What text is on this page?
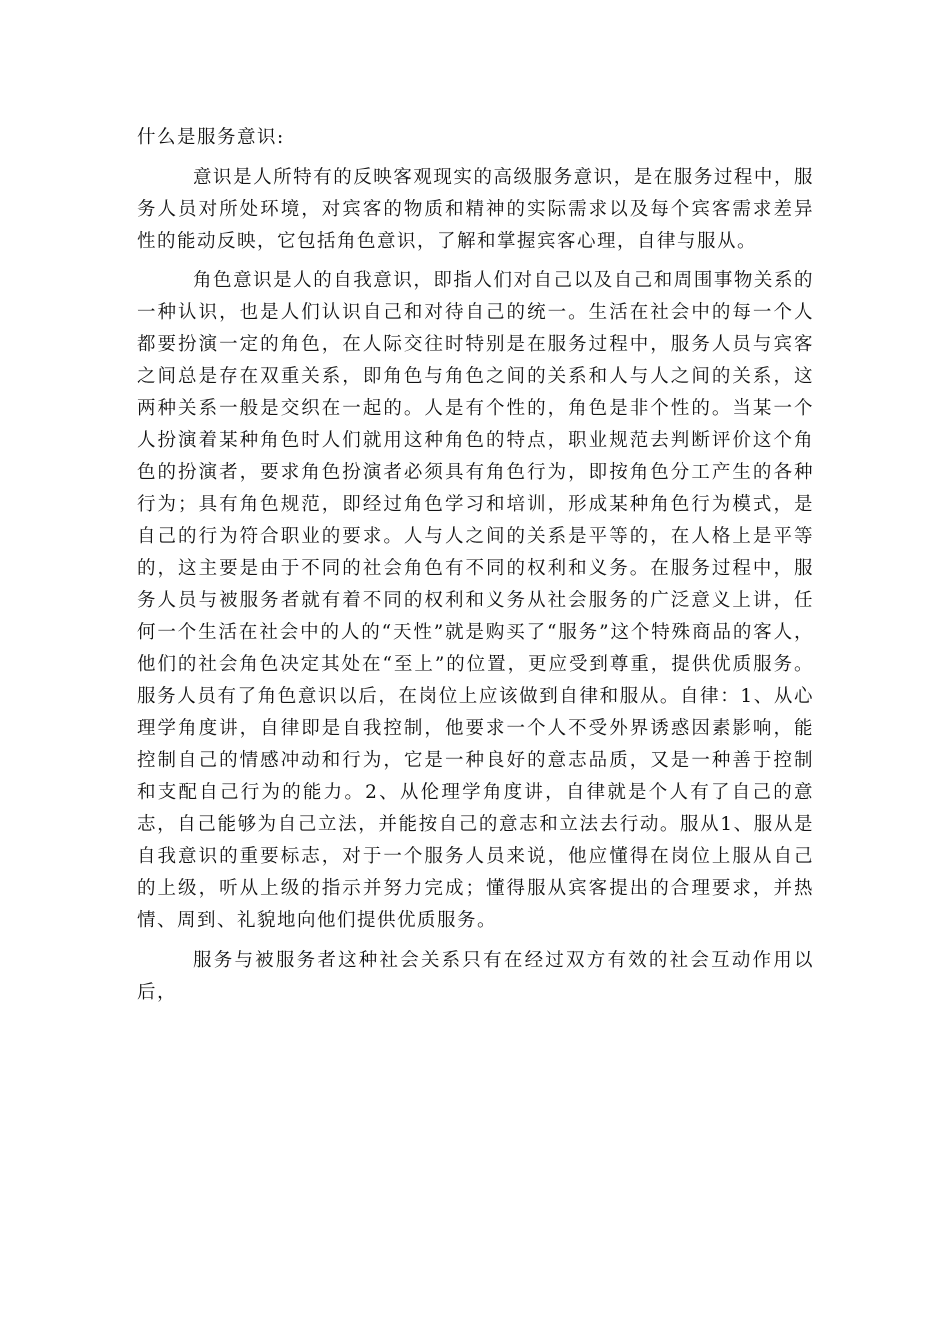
什么是服务意识:

意识是人所特有的反映客观现实的高级服务意识，是在服务过程中，服务人员对所处环境，对宾客的物质和精神的实际需求以及每个宾客需求差异性的能动反映，它包括角色意识，了解和掌握宾客心理，自律与服从。

角色意识是人的自我意识，即指人们对自己以及自己和周围事物关系的一种认识，也是人们认识自己和对待自己的统一。生活在社会中的每一个人都要扮演一定的角色，在人际交往时特别是在服务过程中，服务人员与宾客之间总是存在双重关系，即角色与角色之间的关系和人与人之间的关系，这两种关系一般是交织在一起的。人是有个性的，角色是非个性的。当某一个人扮演着某种角色时人们就用这种角色的特点，职业规范去判断评价这个角色的扮演者，要求角色扮演者必须具有角色行为，即按角色分工产生的各种行为；具有角色规范，即经过角色学习和培训，形成某种角色行为模式，是自己的行为符合职业的要求。人与人之间的关系是平等的，在人格上是平等的，这主要是由于不同的社会角色有不同的权利和义务。在服务过程中，服务人员与被服务者就有着不同的权利和义务从社会服务的广泛意义上讲，任何一个生活在社会中的人的“天性”就是购买了“服务”这个特殊商品的客人，他们的社会角色决定其处在“至上”的位置，更应受到尊重，提供优质服务。服务人员有了角色意识以后，在岗位上应该做到自律和服从。自律：1、从心理学角度讲，自律即是自我控制，他要求一个人不受外界诱惑因素影响，能控制自己的情感冲动和行为，它是一种良好的意志品质，又是一种善于控制和支配自己行为的能力。2、从伦理学角度讲，自律就是个人有了自己的意志，自己能够为自己立法，并能按自己的意志和立法去行动。服从1、服从是自我意识的重要标志，对于一个服务人员来说，他应懂得在岗位上服从自己的上级，听从上级的指示并努力完成；懂得服从宾客提出的合理要求，并热情、周到、礼貌地向他们提供优质服务。

服务与被服务者这种社会关系只有在经过双方有效的社会互动作用以后，
